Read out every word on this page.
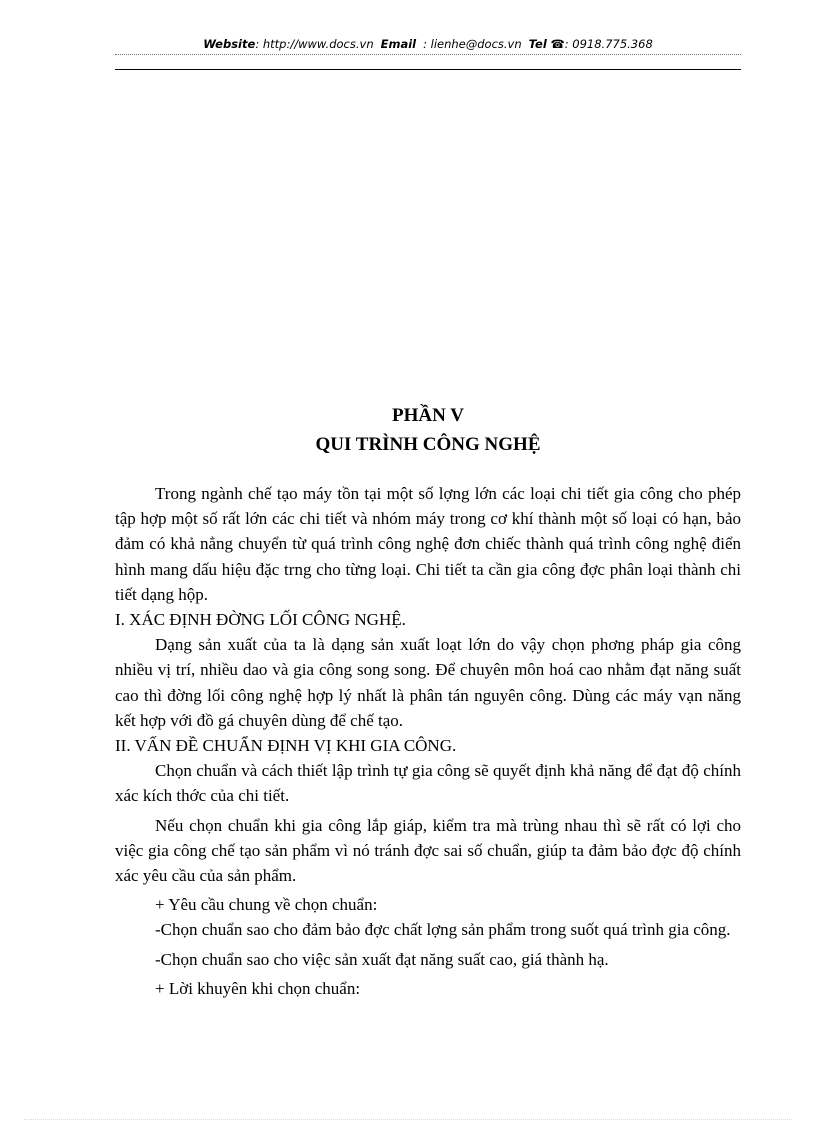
Website: http://www.docs.vn Email : lienhe@docs.vn Tel ☎: 0918.775.368
PHẦN V
QUI TRÌNH CÔNG NGHỆ

Trong ngành chế tạo máy tồn tại một số lợng lớn các loại chi tiết gia công cho phép tập hợp một số rất lớn các chi tiết và nhóm máy trong cơ khí thành một số loại có hạn, bảo đảm có khả nẳng chuyển từ quá trình công nghệ đơn chiếc thành quá trình công nghệ điển hình mang dấu hiệu đặc trng cho từng loại. Chi tiết ta cần gia công đợc phân loại thành chi tiết dạng hộp.

I. XÁC ĐỊNH ĐỜNG LỐI CÔNG NGHỆ.

Dạng sản xuất của ta là dạng sản xuất loạt lớn do vậy chọn phơng pháp gia công nhiều vị trí, nhiều dao và gia công song song. Để chuyên môn hoá cao nhằm đạt năng suất cao thì đờng lối công nghệ hợp lý nhất là phân tán nguyên công. Dùng các máy vạn năng kết hợp với đồ gá chuyên dùng để chế tạo.

II. VẤN ĐỀ CHUẨN ĐỊNH VỊ KHI GIA CÔNG.

Chọn chuẩn và cách thiết lập trình tự gia công sẽ quyết định khả năng để đạt độ chính xác kích thớc của chi tiết.

Nếu chọn chuẩn khi gia công lắp giáp, kiểm tra mà trùng nhau thì sẽ rất có lợi cho việc gia công chế tạo sản phẩm vì nó tránh đợc sai số chuẩn, giúp ta đảm bảo đợc độ chính xác yêu cầu của sản phẩm.

+ Yêu cầu chung về chọn chuẩn:

-Chọn chuẩn sao cho đảm bảo đợc chất lợng sản phẩm trong suốt quá trình gia công.

-Chọn chuẩn sao cho việc sản xuất đạt năng suất cao, giá thành hạ.

+ Lời khuyên khi chọn chuẩn:
